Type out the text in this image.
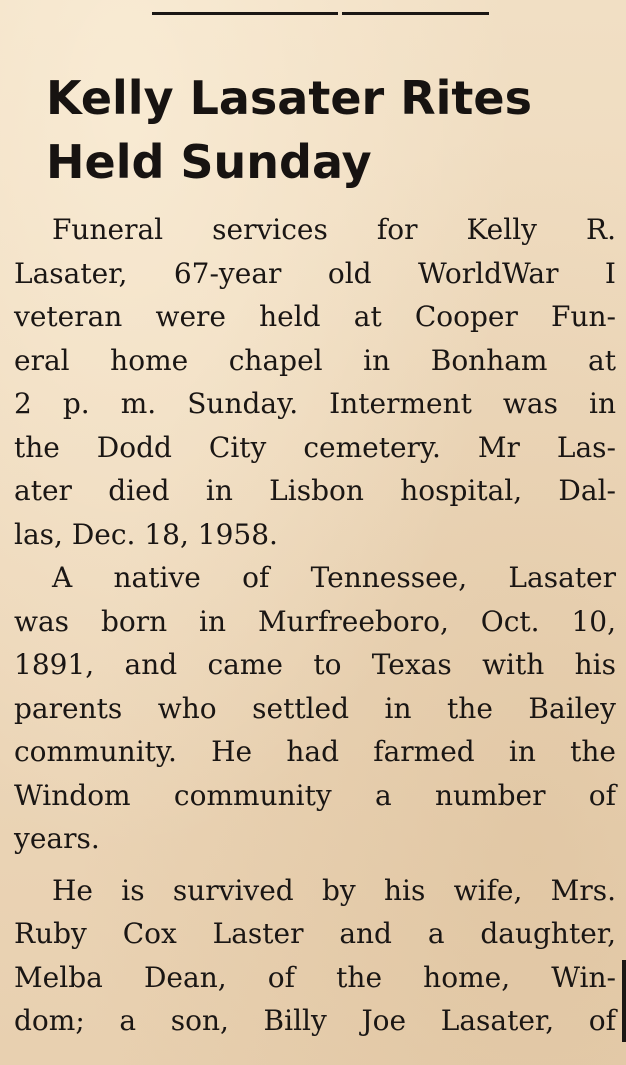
Kelly Lasater Rites
Held Sunday

Funeral services for Kelly R.
Lasater, 67-year old WorldWar I
veteran were held at Cooper Fun-
eral home chapel in Bonham at
2 p. m. Sunday. Interment was in
the Dodd City cemetery. Mr Las-
ater died in Lisbon hospital, Dal-
las, Dec. 18, 1958.

A native of Tennessee, Lasater
was born in Murfreeboro, Oct. 10,
1891, and came to Texas with his
parents who settled in the Bailey
community. He had farmed in the
Windom community a number of
years.

He is survived by his wife, Mrs.
Ruby Cox Laster and a daughter,
Melba Dean, of the home, Win-
dom; a son, Billy Joe Lasater, of
